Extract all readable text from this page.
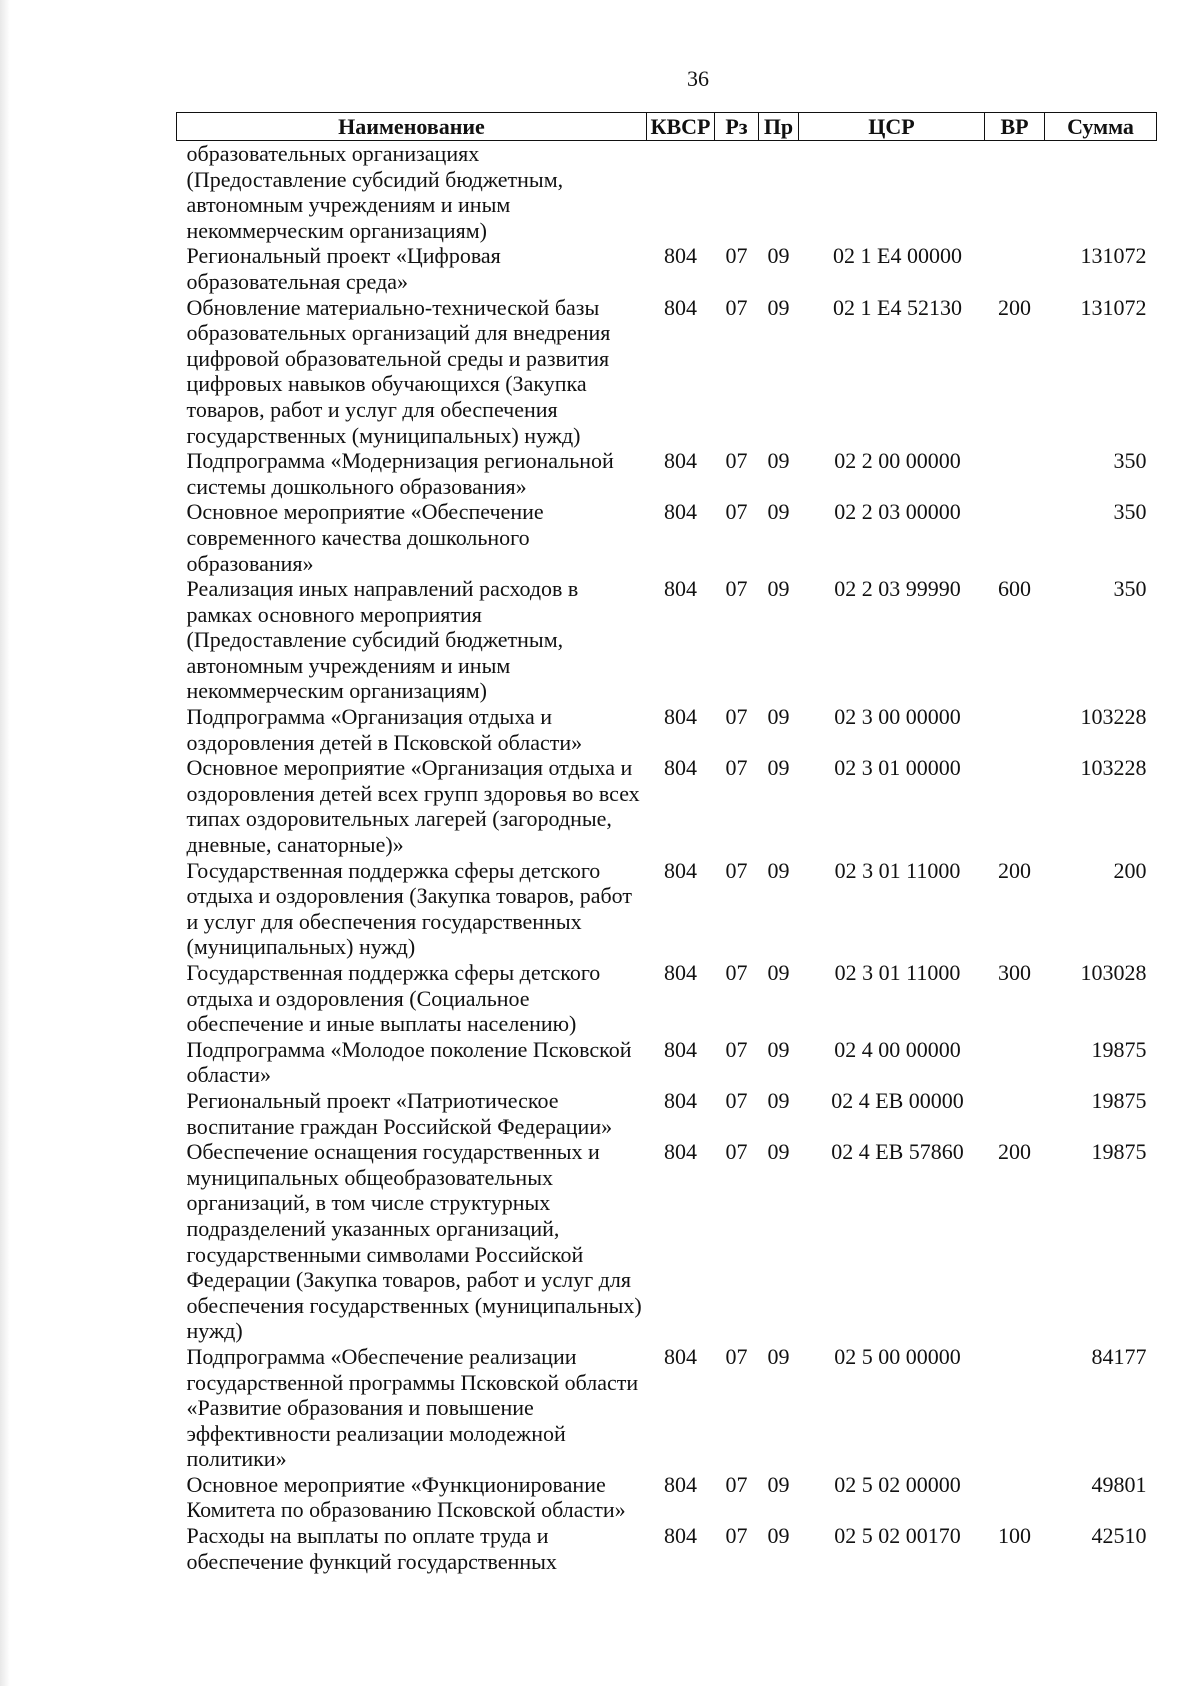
36
Наименование	КВСР	Рз	Пр	ЦСР	ВР	Сумма
образовательных организациях (Предоставление субсидий бюджетным, автономным учреждениям и иным некоммерческим организациям)						
Региональный проект «Цифровая образовательная среда»	804	07	09	02 1 Е4 00000		131072
Обновление материально-технической базы образовательных организаций для внедрения цифровой образовательной среды и развития цифровых навыков обучающихся (Закупка товаров, работ и услуг для обеспечения государственных (муниципальных) нужд)	804	07	09	02 1 Е4 52130	200	131072
Подпрограмма «Модернизация региональной системы дошкольного образования»	804	07	09	02 2 00 00000		350
Основное мероприятие «Обеспечение современного качества дошкольного образования»	804	07	09	02 2 03 00000		350
Реализация иных направлений расходов в рамках основного мероприятия (Предоставление субсидий бюджетным, автономным учреждениям и иным некоммерческим организациям)	804	07	09	02 2 03 99990	600	350
Подпрограмма «Организация отдыха и оздоровления детей в Псковской области»	804	07	09	02 3 00 00000		103228
Основное мероприятие «Организация отдыха и оздоровления детей всех групп здоровья во всех типах оздоровительных лагерей (загородные, дневные, санаторные)»	804	07	09	02 3 01 00000		103228
Государственная поддержка сферы детского отдыха и оздоровления (Закупка товаров, работ и услуг для обеспечения государственных (муниципальных) нужд)	804	07	09	02 3 01 11000	200	200
Государственная поддержка сферы детского отдыха и оздоровления (Социальное обеспечение и иные выплаты населению)	804	07	09	02 3 01 11000	300	103028
Подпрограмма «Молодое поколение Псковской области»	804	07	09	02 4 00 00000		19875
Региональный проект «Патриотическое воспитание граждан Российской Федерации»	804	07	09	02 4 ЕВ 00000		19875
Обеспечение оснащения государственных и муниципальных общеобразовательных организаций, в том числе структурных подразделений указанных организаций, государственными символами Российской Федерации (Закупка товаров, работ и услуг для обеспечения государственных (муниципальных) нужд)	804	07	09	02 4 ЕВ 57860	200	19875
Подпрограмма «Обеспечение реализации государственной программы Псковской области «Развитие образования и повышение эффективности реализации молодежной политики»	804	07	09	02 5 00 00000		84177
Основное мероприятие «Функционирование Комитета по образованию Псковской области»	804	07	09	02 5 02 00000		49801
Расходы на выплаты по оплате труда и обеспечение функций государственных	804	07	09	02 5 02 00170	100	42510
